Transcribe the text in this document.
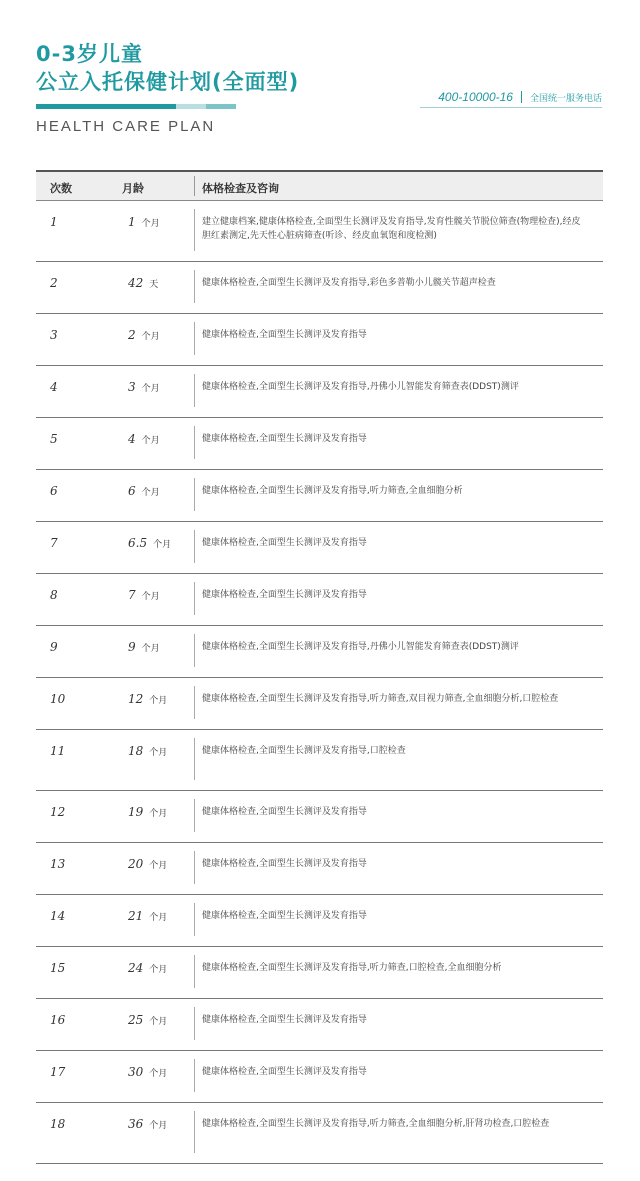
0-3岁儿童
公立入托保健计划(全面型)
400-10000-16 全国统一服务电话
HEALTH CARE PLAN
次数	月龄	体格检查及咨询
1	1 个月	建立健康档案,健康体格检查,全面型生长测评及发育指导,发育性髋关节脱位筛查(物理检查),经皮胆红素测定,先天性心脏病筛查(听诊、经皮血氧饱和度检测)
2	42 天	健康体格检查,全面型生长测评及发育指导,彩色多普勒小儿髋关节超声检查
3	2 个月	健康体格检查,全面型生长测评及发育指导
4	3 个月	健康体格检查,全面型生长测评及发育指导,丹佛小儿智能发育筛查表(DDST)测评
5	4 个月	健康体格检查,全面型生长测评及发育指导
6	6 个月	健康体格检查,全面型生长测评及发育指导,听力筛查,全血细胞分析
7	6.5 个月	健康体格检查,全面型生长测评及发育指导
8	7 个月	健康体格检查,全面型生长测评及发育指导
9	9 个月	健康体格检查,全面型生长测评及发育指导,丹佛小儿智能发育筛查表(DDST)测评
10	12 个月	健康体格检查,全面型生长测评及发育指导,听力筛查,双目视力筛查,全血细胞分析,口腔检查
11	18 个月	健康体格检查,全面型生长测评及发育指导,口腔检查
12	19 个月	健康体格检查,全面型生长测评及发育指导
13	20 个月	健康体格检查,全面型生长测评及发育指导
14	21 个月	健康体格检查,全面型生长测评及发育指导
15	24 个月	健康体格检查,全面型生长测评及发育指导,听力筛查,口腔检查,全血细胞分析
16	25 个月	健康体格检查,全面型生长测评及发育指导
17	30 个月	健康体格检查,全面型生长测评及发育指导
18	36 个月	健康体格检查,全面型生长测评及发育指导,听力筛查,全血细胞分析,肝肾功检查,口腔检查
